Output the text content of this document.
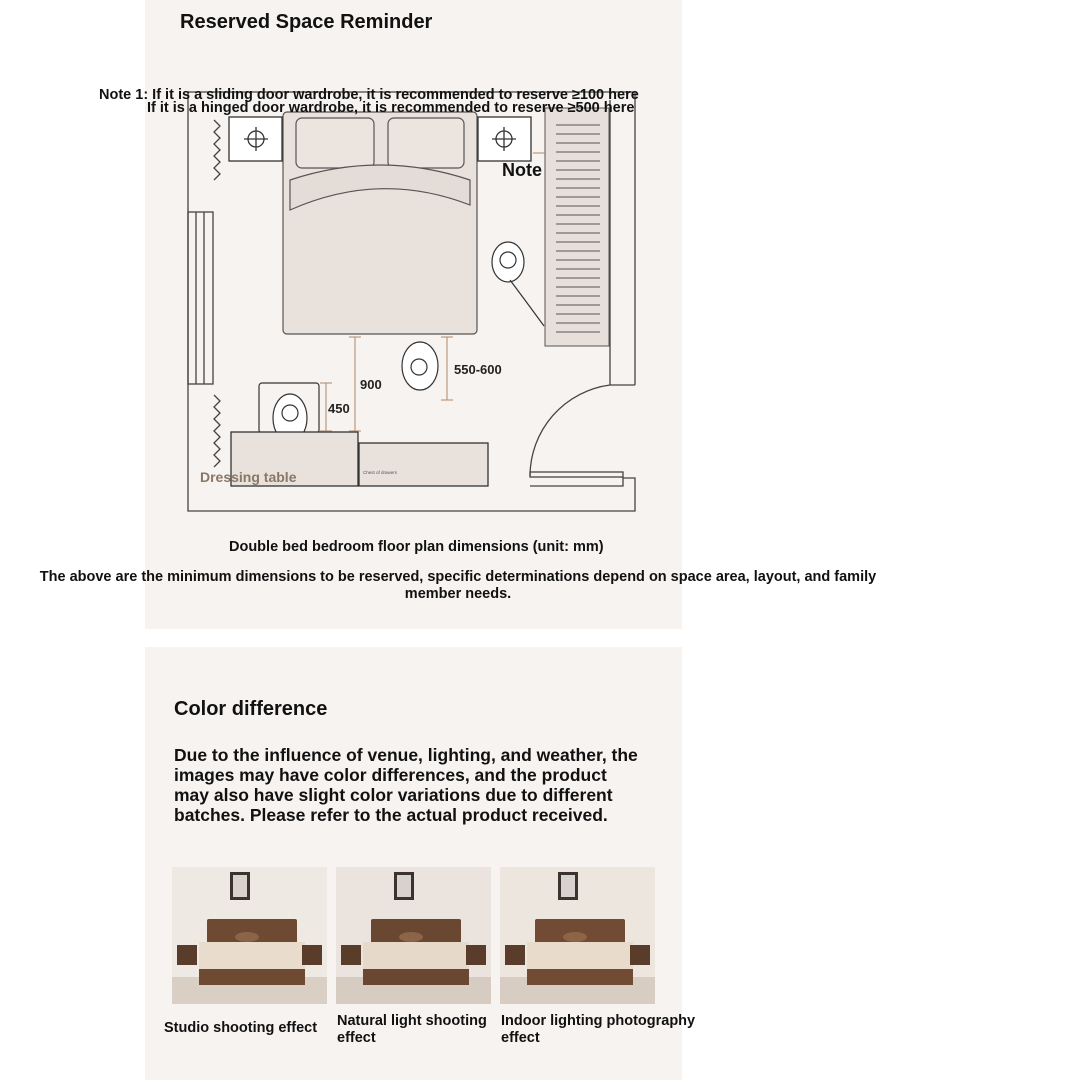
Reserved Space Reminder
Note
900
550-600
450
Dressing table	Chest of drawers
Note 1: If it is a sliding door wardrobe, it is recommended to reserve ≥100 here
If it is a hinged door wardrobe, it is recommended to reserve ≥500 here
Double bed bedroom floor plan dimensions (unit: mm)
The above are the minimum dimensions to be reserved, specific determinations depend on space area, layout, and family member needs.
Color difference
Due to the influence of venue, lighting, and weather, the images may have color differences, and the product may also have slight color variations due to different batches. Please refer to the actual product received.
Studio shooting effect	Natural light shooting effect
Indoor lighting photography effect
